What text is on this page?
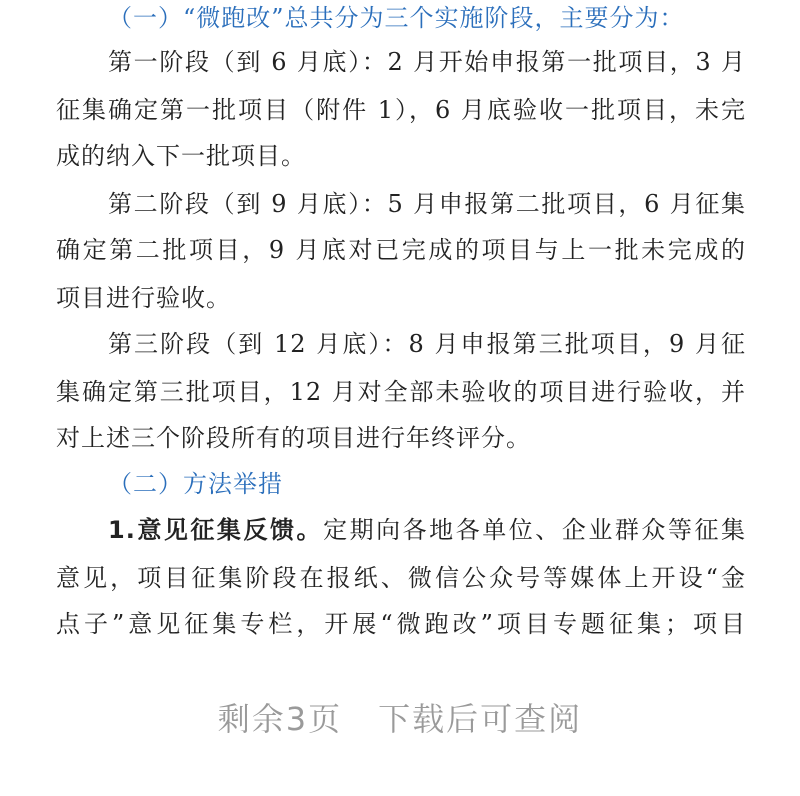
（一）“微跑改”总共分为三个实施阶段，主要分为：
第一阶段（到 6 月底）：2 月开始申报第一批项目，3 月
征集确定第一批项目（附件 1），6 月底验收一批项目，未完
成的纳入下一批项目。
第二阶段（到 9 月底）：5 月申报第二批项目，6 月征集
确定第二批项目，9 月底对已完成的项目与上一批未完成的
项目进行验收。
第三阶段（到 12 月底）：8 月申报第三批项目，9 月征
集确定第三批项目，12 月对全部未验收的项目进行验收，并
对上述三个阶段所有的项目进行年终评分。
（二）方法举措
1.意见征集反馈。定期向各地各单位、企业群众等征集
意见，项目征集阶段在报纸、微信公众号等媒体上开设“金
点子”意见征集专栏，开展“微跑改”项目专题征集；项目
剩余3页 下载后可查阅
